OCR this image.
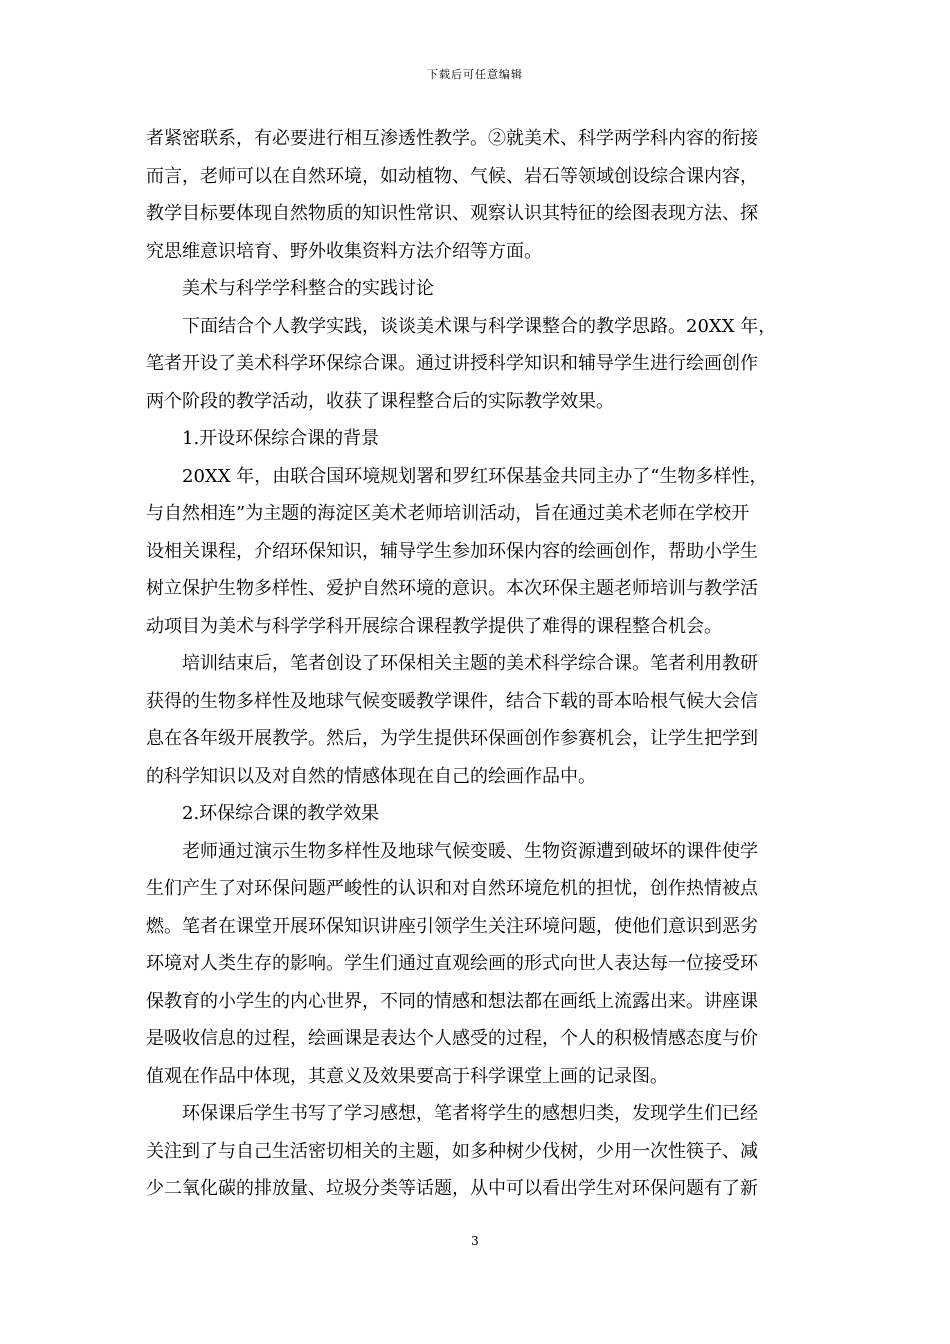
下载后可任意编辑
者紧密联系，有必要进行相互渗透性教学。②就美术、科学两学科内容的衔接
而言，老师可以在自然环境，如动植物、气候、岩石等领域创设综合课内容，
教学目标要体现自然物质的知识性常识、观察认识其特征的绘图表现方法、探
究思维意识培育、野外收集资料方法介绍等方面。
美术与科学学科整合的实践讨论
下面结合个人教学实践，谈谈美术课与科学课整合的教学思路。20XX 年，
笔者开设了美术科学环保综合课。通过讲授科学知识和辅导学生进行绘画创作
两个阶段的教学活动，收获了课程整合后的实际教学效果。
1.开设环保综合课的背景
20XX 年，由联合国环境规划署和罗红环保基金共同主办了“生物多样性，
与自然相连”为主题的海淀区美术老师培训活动，旨在通过美术老师在学校开
设相关课程，介绍环保知识，辅导学生参加环保内容的绘画创作，帮助小学生
树立保护生物多样性、爱护自然环境的意识。本次环保主题老师培训与教学活
动项目为美术与科学学科开展综合课程教学提供了难得的课程整合机会。
培训结束后，笔者创设了环保相关主题的美术科学综合课。笔者利用教研
获得的生物多样性及地球气候变暖教学课件，结合下载的哥本哈根气候大会信
息在各年级开展教学。然后，为学生提供环保画创作参赛机会，让学生把学到
的科学知识以及对自然的情感体现在自己的绘画作品中。
2.环保综合课的教学效果
老师通过演示生物多样性及地球气候变暖、生物资源遭到破坏的课件使学
生们产生了对环保问题严峻性的认识和对自然环境危机的担忧，创作热情被点
燃。笔者在课堂开展环保知识讲座引领学生关注环境问题，使他们意识到恶劣
环境对人类生存的影响。学生们通过直观绘画的形式向世人表达每一位接受环
保教育的小学生的内心世界，不同的情感和想法都在画纸上流露出来。讲座课
是吸收信息的过程，绘画课是表达个人感受的过程，个人的积极情感态度与价
值观在作品中体现，其意义及效果要高于科学课堂上画的记录图。
环保课后学生书写了学习感想，笔者将学生的感想归类，发现学生们已经
关注到了与自己生活密切相关的主题，如多种树少伐树，少用一次性筷子、减
少二氧化碳的排放量、垃圾分类等话题，从中可以看出学生对环保问题有了新
3
